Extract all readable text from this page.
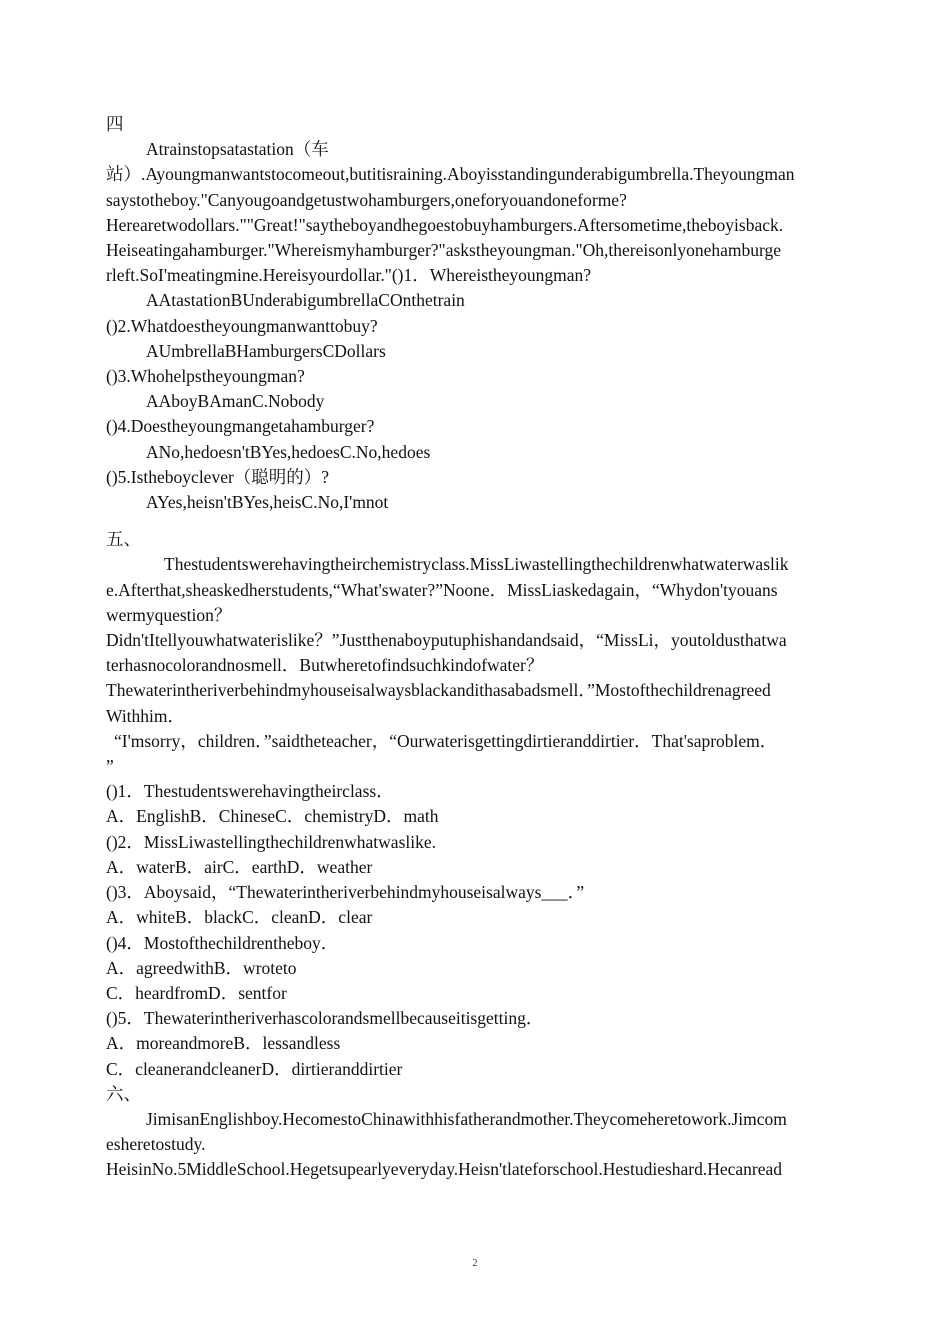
四
Atrainstopsatastation（车
站）.Ayoungmanwantstocomeout,butitisraining.Aboyisstandingunderabigumbrella.Theyoungman
saystotheboy."Canyougoandgetustwohamburgers,oneforyouandoneforme?
Herearetwodollars.""Great!"saytheboyandhegoestobuyhamburgers.Aftersometime,theboyisback.
Heiseatingahamburger."Whereismyhamburger?"askstheyoungman."Oh,thereisonlyonehamburge
rleft.SoI'meatingmine.Hereisyourdollar."()1．Whereistheyoungman?
AAtastationBUnderabigumbrellaCOnthetrain
()2.Whatdoestheyoungmanwanttobuy?
AUmbrellaBHamburgersCDollars
()3.Whohelpstheyoungman?
AAboyBAmanC.Nobody
()4.Doestheyoungmangetahamburger?
ANo,hedoesn'tBYes,hedoesC.No,hedoes
()5.Istheboyclever（聪明的）?
AYes,heisn'tBYes,heisC.No,I'mnot
五、
Thestudentswerehavingtheirchemistryclass.MissLiwastellingthechildrenwhatwaterwaslik
e.Afterthat,sheaskedherstudents,“What'swater?”Noone．MissLiaskedagain，“Whydon'tyouans
wermyquestion？
Didn'tItellyouwhatwaterislike？”Justthenaboyputuphishandandsaid，“MissLi，youtoldusthatwa
terhasnocolorandnosmell．Butwheretofindsuchkindofwater？
Thewaterintheriverbehindmyhouseisalwaysblackandithasabadsmell．”Mostofthechildrenagreed
Withhim．
“I'msorry，children．”saidtheteacher，“Ourwaterisgettingdirtieranddirtier．That'saproblem．
”
()1．Thestudentswerehavingtheirclass．
A．EnglishB．ChineseC．chemistryD．math
()2．MissLiwastellingthechildrenwhatwaslike.
A．waterB．airC．earthD．weather
()3．Aboysaid，“Thewaterintheriverbehindmyhouseisalways___．”
A．whiteB．blackC．cleanD．clear
()4．Mostofthechildrentheboy．
A．agreedwithB．wroteto
C．heardfromD．sentfor
()5．Thewaterintheriverhascolorandsmellbecauseitisgetting．
A．moreandmoreB．lessandless
C．cleanerandcleanerD．dirtieranddirtier
六、
JimisanEnglishboy.HecomestoChinawithhisfatherandmother.Theycomeheretowork.Jimcom
esheretostudy.
HeisinNo.5MiddleSchool.Hegetsupearlyeveryday.Heisn'tlateforschool.Hestudieshard.Hecanread
2
